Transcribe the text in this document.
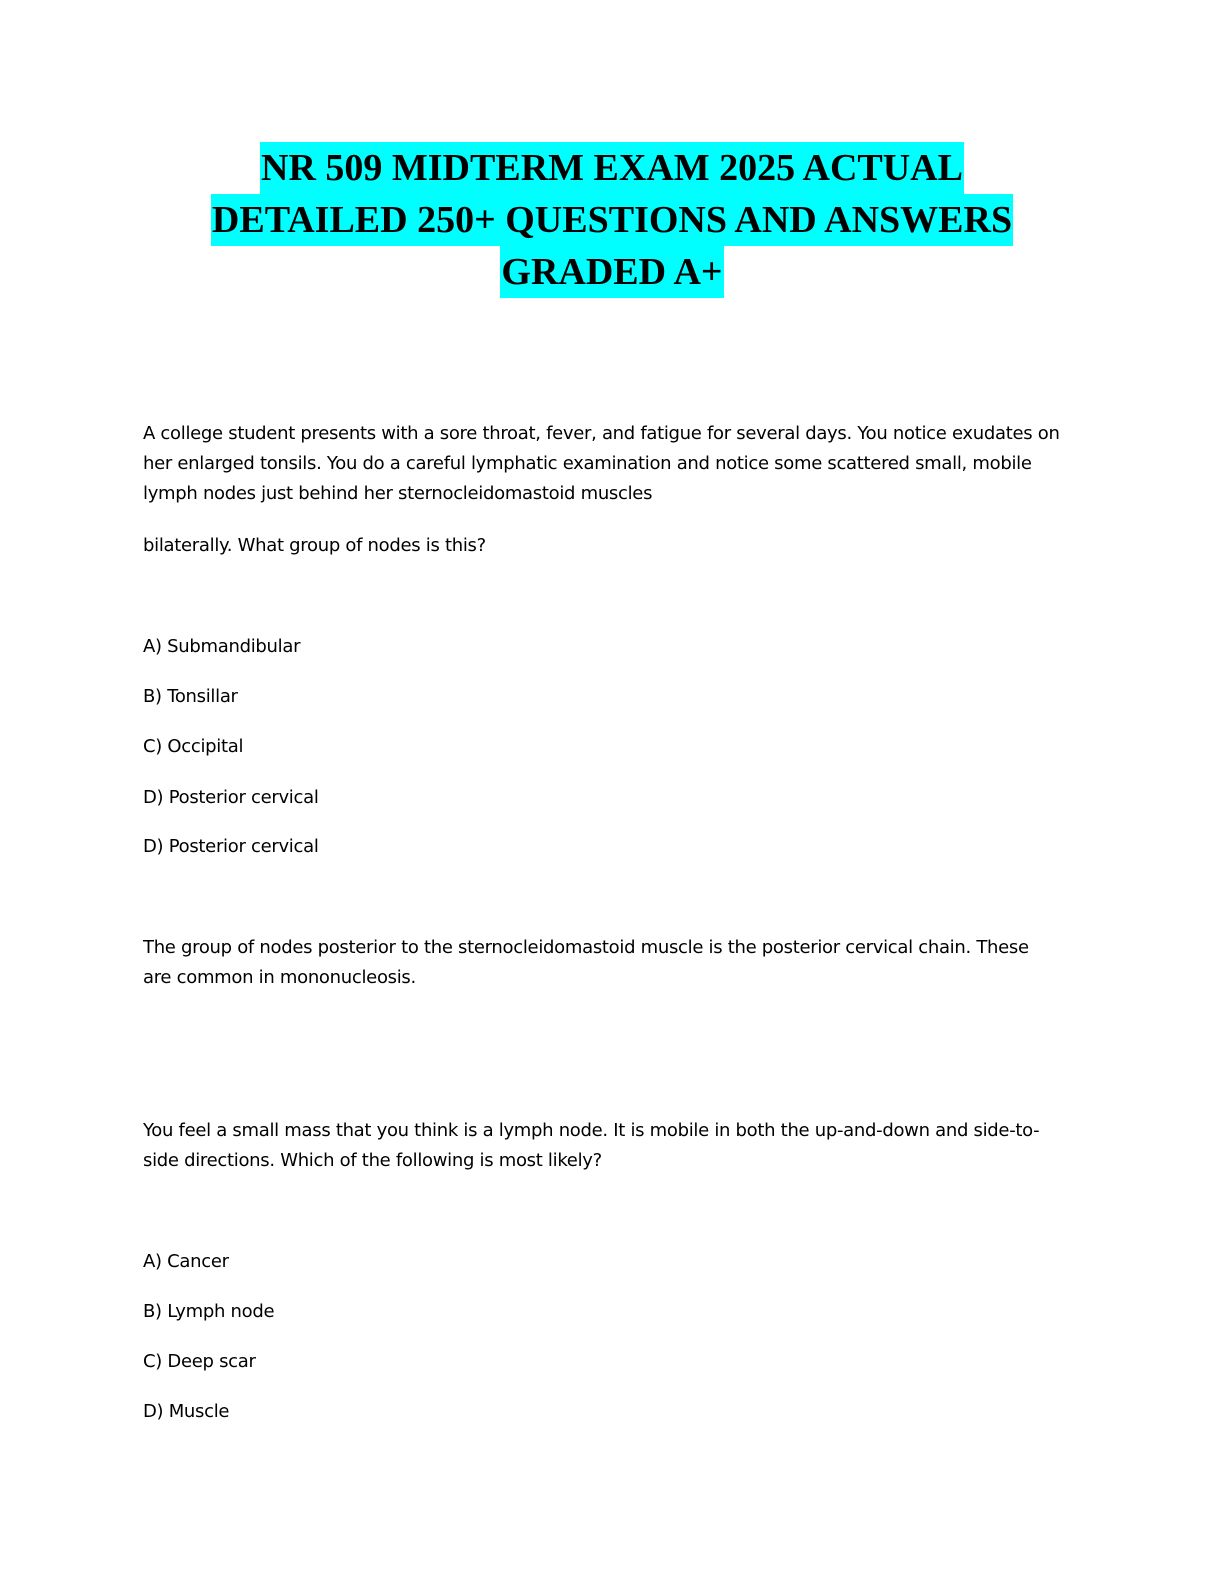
NR 509 MIDTERM EXAM 2025 ACTUAL
DETAILED 250+ QUESTIONS AND ANSWERS
GRADED A+
A college student presents with a sore throat, fever, and fatigue for several days. You notice exudates on
her enlarged tonsils. You do a careful lymphatic examination and notice some scattered small, mobile
lymph nodes just behind her sternocleidomastoid muscles
bilaterally. What group of nodes is this?
A) Submandibular
B) Tonsillar
C) Occipital
D) Posterior cervical
D) Posterior cervical
The group of nodes posterior to the sternocleidomastoid muscle is the posterior cervical chain. These
are common in mononucleosis.
You feel a small mass that you think is a lymph node. It is mobile in both the up-and-down and side-to-
side directions. Which of the following is most likely?
A) Cancer
B) Lymph node
C) Deep scar
D) Muscle
